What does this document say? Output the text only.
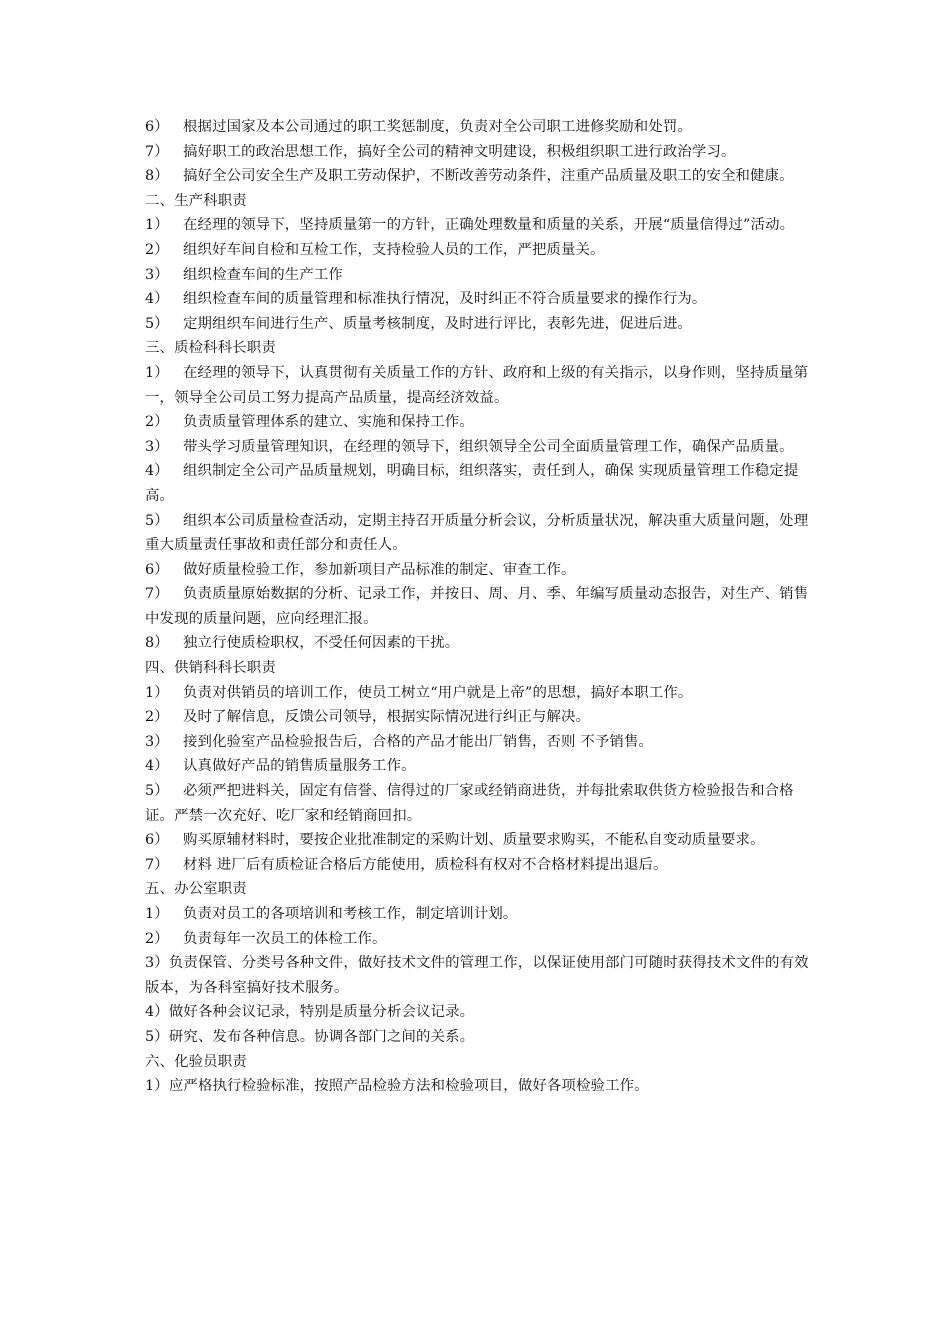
6） 根据过国家及本公司通过的职工奖惩制度，负责对全公司职工进修奖励和处罚。
7） 搞好职工的政治思想工作，搞好全公司的精神文明建设，积极组织职工进行政治学习。
8） 搞好全公司安全生产及职工劳动保护，不断改善劳动条件，注重产品质量及职工的安全和健康。
二、生产科职责
1） 在经理的领导下，坚持质量第一的方针，正确处理数量和质量的关系，开展“质量信得过”活动。
2） 组织好车间自检和互检工作，支持检验人员的工作，严把质量关。
3） 组织检查车间的生产工作
4） 组织检查车间的质量管理和标准执行情况，及时纠正不符合质量要求的操作行为。
5） 定期组织车间进行生产、质量考核制度，及时进行评比，表彰先进，促进后进。
三、质检科科长职责
1） 在经理的领导下，认真贯彻有关质量工作的方针、政府和上级的有关指示，以身作则，坚持质量第一，领导全公司员工努力提高产品质量，提高经济效益。
2） 负责质量管理体系的建立、实施和保持工作。
3） 带头学习质量管理知识，在经理的领导下，组织领导全公司全面质量管理工作，确保产品质量。
4） 组织制定全公司产品质量规划，明确目标，组织落实，责任到人，确保 实现质量管理工作稳定提高。
5） 组织本公司质量检查活动，定期主持召开质量分析会议，分析质量状况，解决重大质量问题，处理重大质量责任事故和责任部分和责任人。
6） 做好质量检验工作，参加新项目产品标准的制定、审查工作。
7） 负责质量原始数据的分析、记录工作，并按日、周、月、季、年编写质量动态报告，对生产、销售中发现的质量问题，应向经理汇报。
8） 独立行使质检职权，不受任何因素的干扰。
四、供销科科长职责
1） 负责对供销员的培训工作，使员工树立“用户就是上帝”的思想，搞好本职工作。
2） 及时了解信息，反馈公司领导，根据实际情况进行纠正与解决。
3） 接到化验室产品检验报告后，合格的产品才能出厂销售，否则 不予销售。
4） 认真做好产品的销售质量服务工作。
5） 必须严把进料关，固定有信誉、信得过的厂家或经销商进货，并每批索取供货方检验报告和合格证。严禁一次充好、吃厂家和经销商回扣。
6） 购买原辅材料时，要按企业批准制定的采购计划、质量要求购买，不能私自变动质量要求。
7） 材料 进厂后有质检证合格后方能使用，质检科有权对不合格材料提出退后。
五、办公室职责
1） 负责对员工的各项培训和考核工作，制定培训计划。
2） 负责每年一次员工的体检工作。
3）负责保管、分类号各种文件，做好技术文件的管理工作，以保证使用部门可随时获得技术文件的有效版本，为各科室搞好技术服务。
4）做好各种会议记录，特别是质量分析会议记录。
5）研究、发布各种信息。协调各部门之间的关系。
六、化验员职责
1）应严格执行检验标准，按照产品检验方法和检验项目，做好各项检验工作。
